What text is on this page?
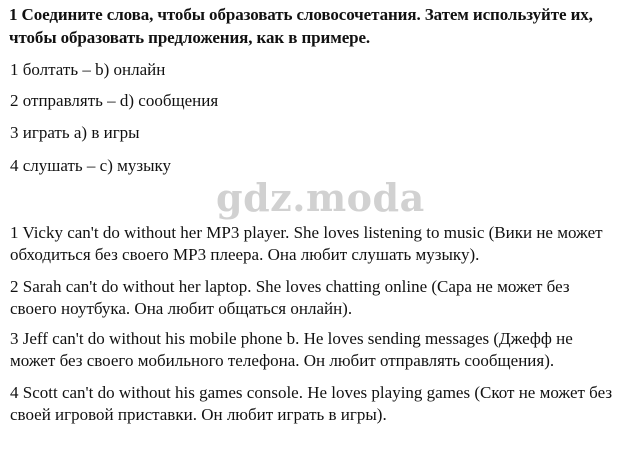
1 Соедините слова, чтобы образовать словосочетания. Затем используйте их, чтобы образовать предложения, как в примере.
1 болтать – b) онлайн
2 отправлять – d) сообщения
3 играть а) в игры
4 слушать – с) музыку
gdz.moda
1 Vicky can't do without her MP3 player. She loves listening to music (Вики не может обходиться без своего MP3 плеера. Она любит слушать музыку).
2 Sarah can't do without her laptop. She loves chatting online (Сара не может без своего ноутбука. Она любит общаться онлайн).
3 Jeff can't do without his mobile phone b. He loves sending messages (Джефф не может без своего мобильного телефона. Он любит отправлять сообщения).
4 Scott can't do without his games console. He loves playing games (Скот не может без своей игровой приставки. Он любит играть в игры).
